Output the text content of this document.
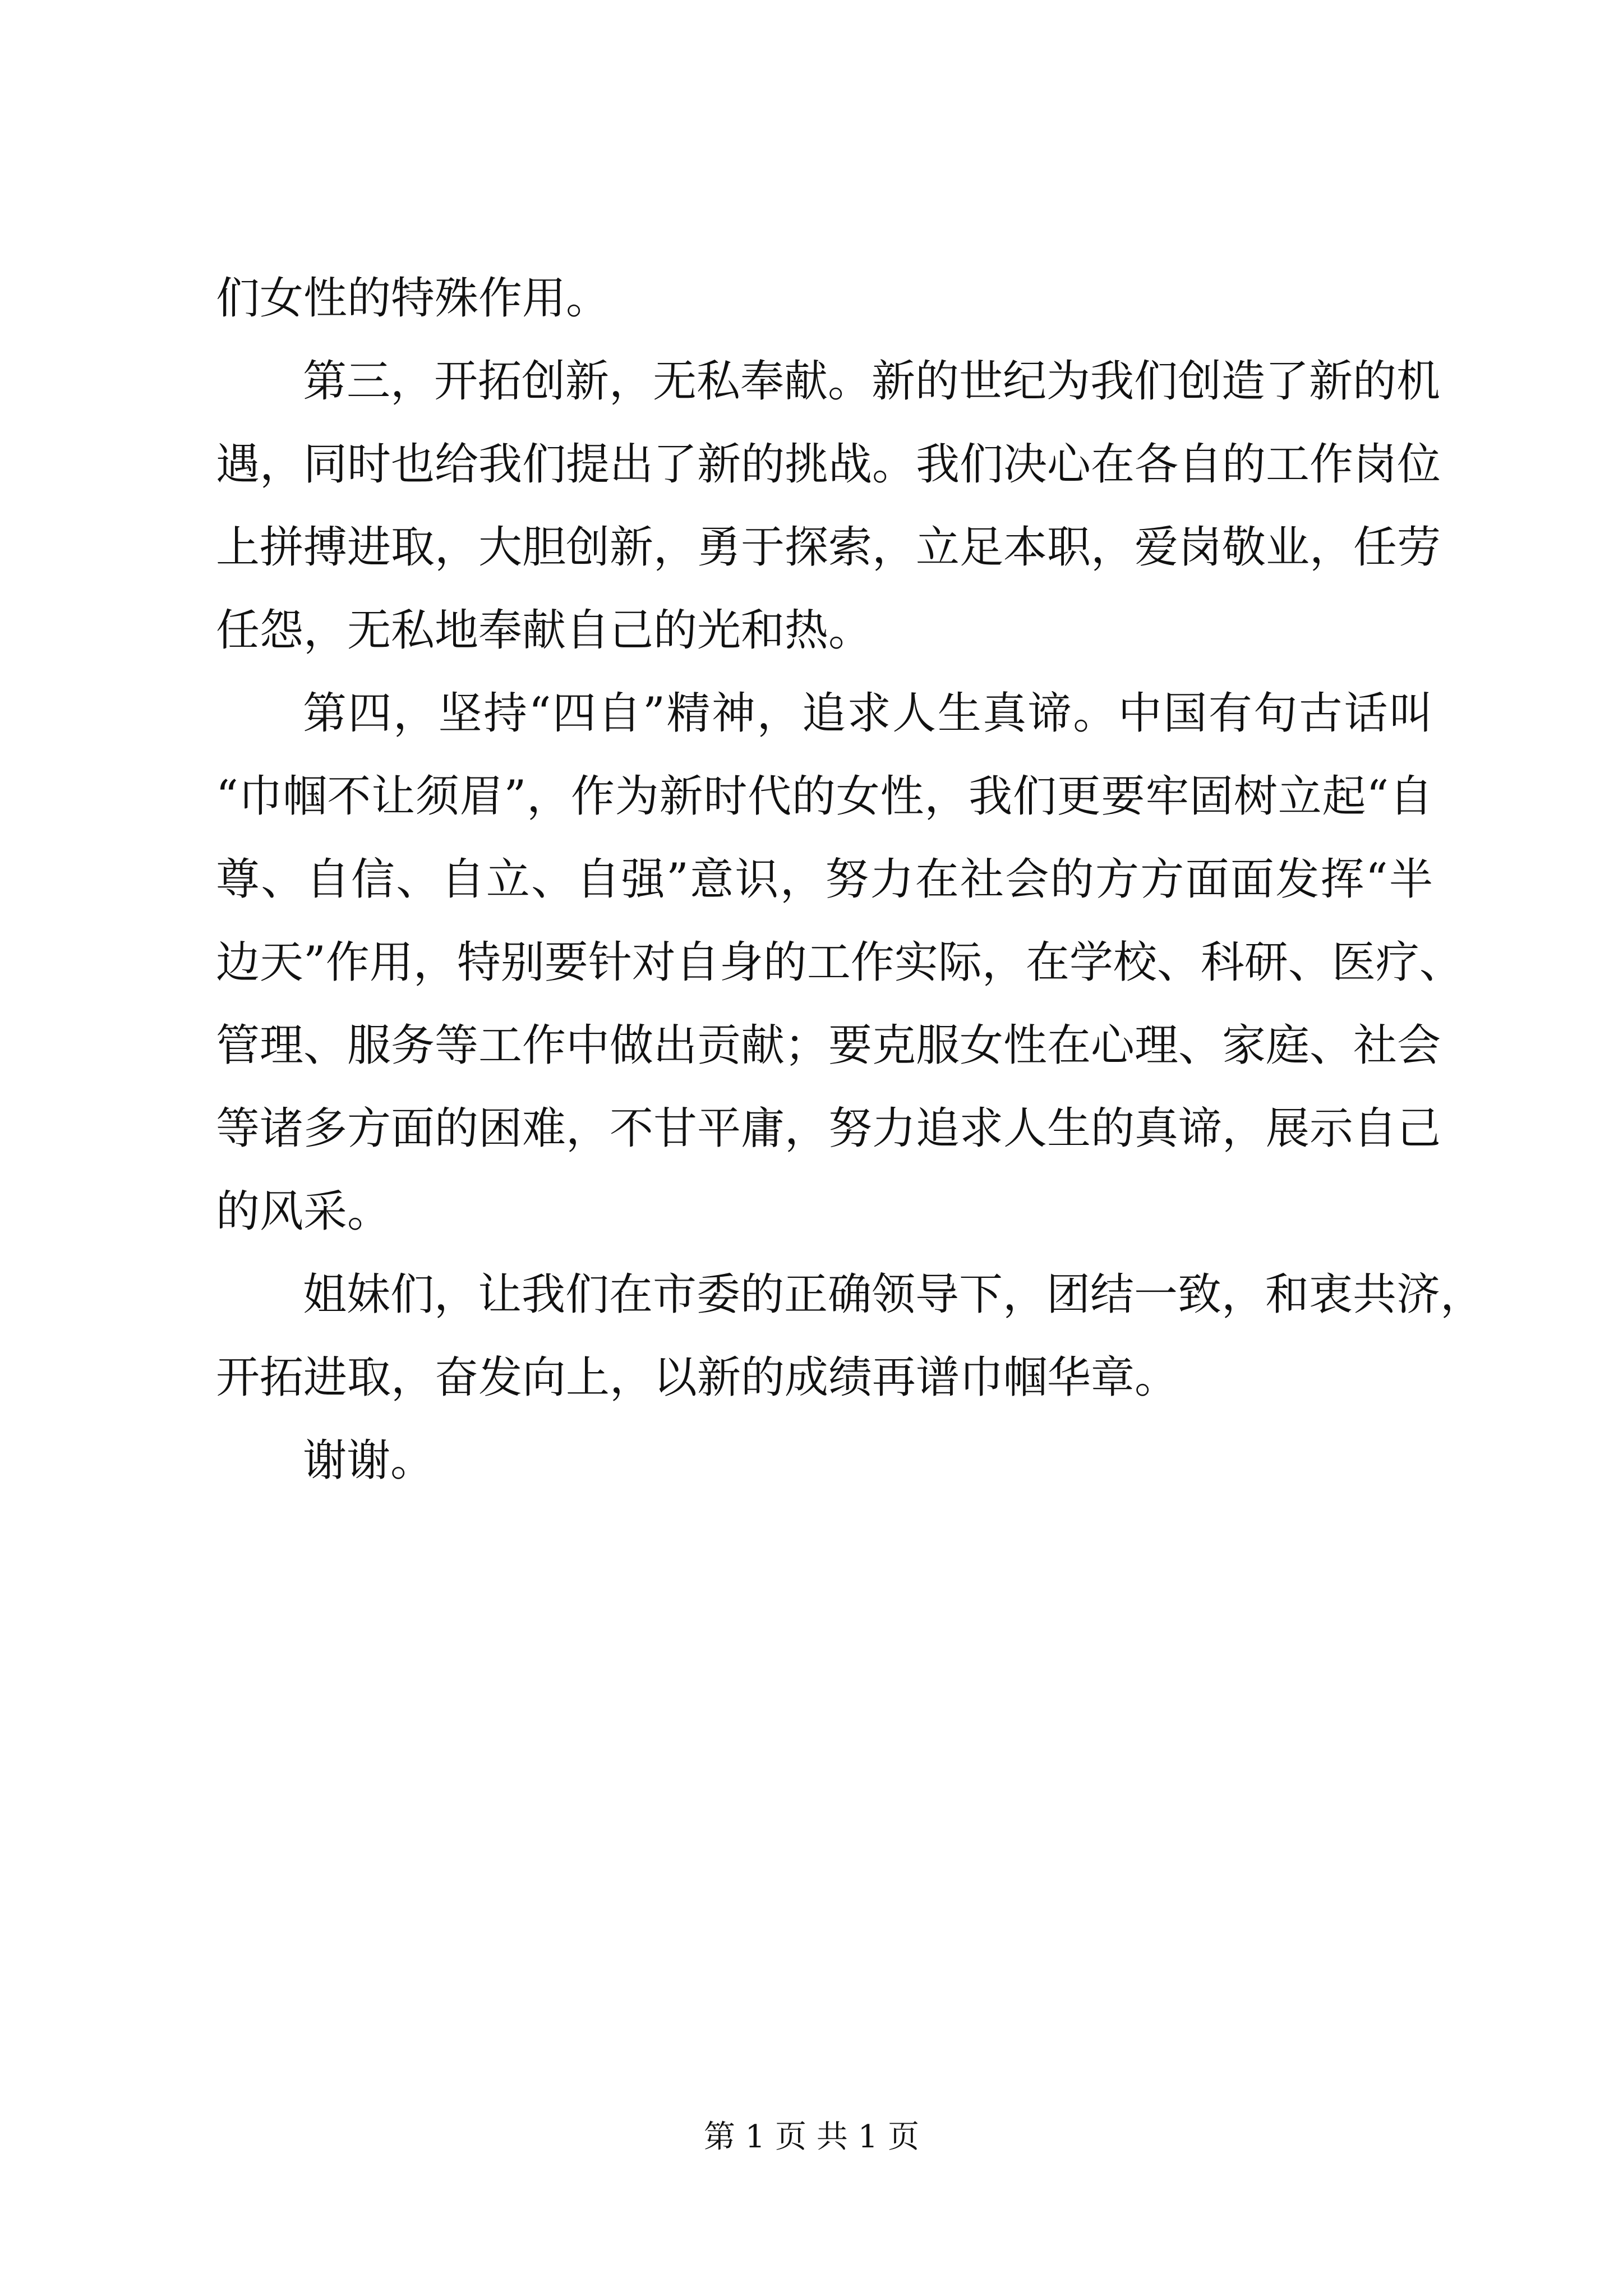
们女性的特殊作用。
第三，开拓创新，无私奉献。新的世纪为我们创造了新的机
遇，同时也给我们提出了新的挑战。我们决心在各自的工作岗位
上拼搏进取，大胆创新，勇于探索，立足本职，爱岗敬业，任劳
任怨，无私地奉献自己的光和热。
第四，坚持“四自”精神，追求人生真谛。中国有句古话叫
“巾帼不让须眉”，作为新时代的女性，我们更要牢固树立起“自
尊、自信、自立、自强”意识，努力在社会的方方面面发挥“半
边天”作用，特别要针对自身的工作实际，在学校、科研、医疗、
管理、服务等工作中做出贡献；要克服女性在心理、家庭、社会
等诸多方面的困难，不甘平庸，努力追求人生的真谛，展示自己
的风采。
姐妹们，让我们在市委的正确领导下，团结一致，和衷共济，
开拓进取，奋发向上，以新的成绩再谱巾帼华章。
谢谢。
第 1 页 共 1 页
